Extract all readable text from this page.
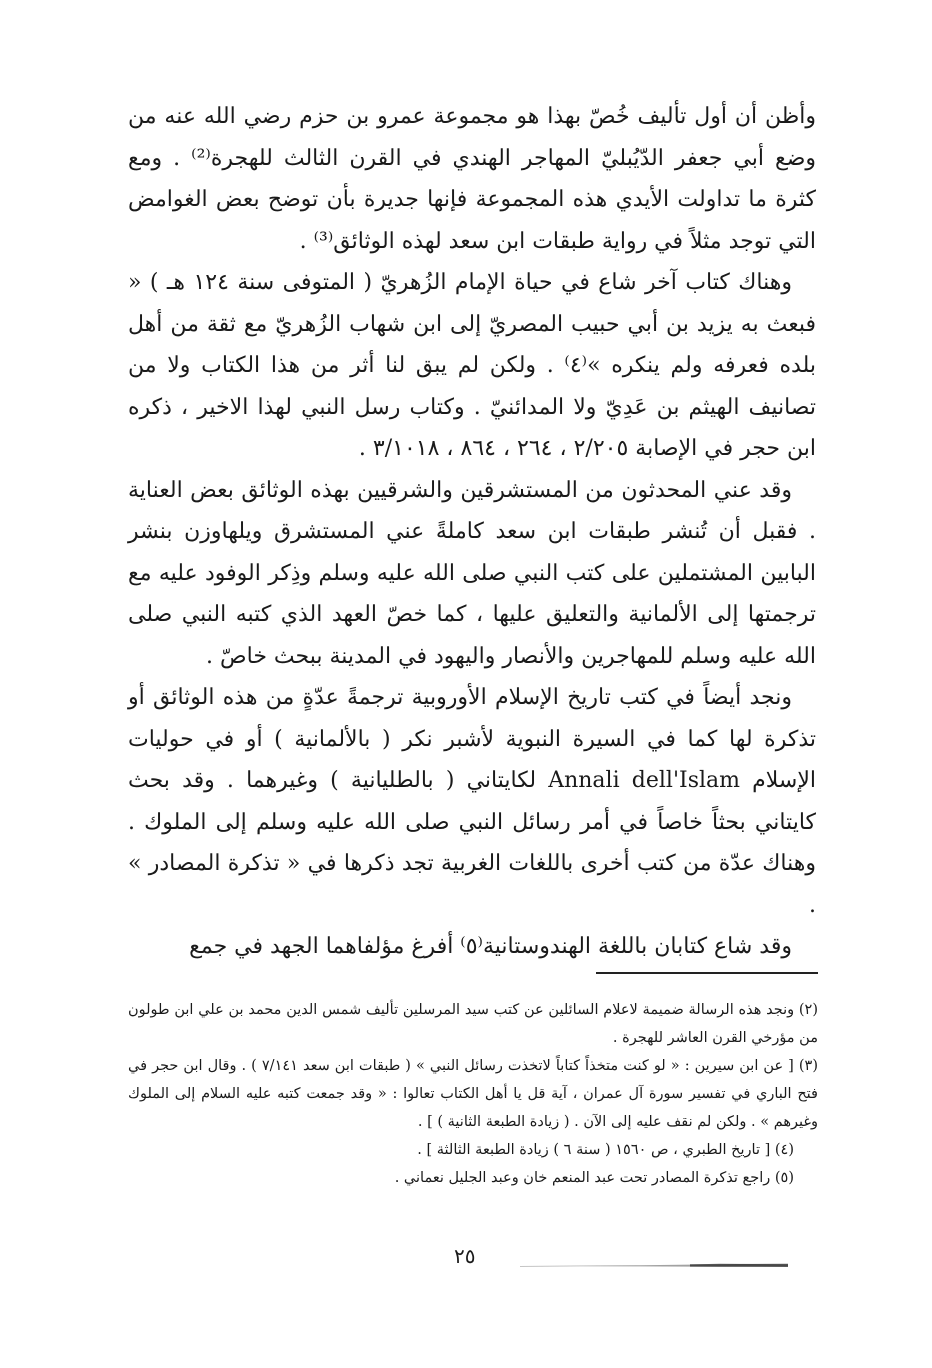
وأظن أن أول تأليف خُصّ بهذا هو مجموعة عمرو بن حزم رضي الله عنه من وضع أبي جعفر الدّيُبليّ المهاجر الهندي في القرن الثالث للهجرة⁽²⁾ . ومع كثرة ما تداولت الأيدي هذه المجموعة فإنها جديرة بأن توضح بعض الغوامض التي توجد مثلاً في رواية طبقات ابن سعد لهذه الوثائق⁽³⁾ .

وهناك كتاب آخر شاع في حياة الإمام الزُهريّ ( المتوفى سنة ١٢٤ هـ ) « فبعث به يزيد بن أبي حبيب المصريّ إلى ابن شهاب الزُهريّ مع ثقة من أهل بلده فعرفه ولم ينكره »⁽٤⁾ . ولكن لم يبق لنا أثر من هذا الكتاب ولا من تصانيف الهيثم بن عَدِيّ ولا المدائنيّ . وكتاب رسل النبي لهذا الاخير ، ذكره ابن حجر في الإصابة ٢/٢٠٥ ، ٢٦٤ ، ٨٦٤ ، ٣/١٠١٨ .

وقد عني المحدثون من المستشرقين والشرقيين بهذه الوثائق بعض العناية . فقبل أن تُنشر طبقات ابن سعد كاملةً عني المستشرق ويلهاوزن بنشر البابين المشتملين على كتب النبي صلى الله عليه وسلم وذِكر الوفود عليه مع ترجمتها إلى الألمانية والتعليق عليها ، كما خصّ العهد الذي كتبه النبي صلى الله عليه وسلم للمهاجرين والأنصار واليهود في المدينة ببحث خاصّ .

ونجد أيضاً في كتب تاريخ الإسلام الأوروبية ترجمةً عدّةٍ من هذه الوثائق أو تذكرة لها كما في السيرة النبوية لأشبر نكر ( بالألمانية ) أو في حوليات الإسلام Annali dell'Islam لكايتاني ( بالطليانية ) وغيرهما . وقد بحث كايتاني بحثاً خاصاً في أمر رسائل النبي صلى الله عليه وسلم إلى الملوك . وهناك عدّة من كتب أخرى باللغات الغربية تجد ذكرها في « تذكرة المصادر » .

وقد شاع كتابان باللغة الهندوستانية⁽٥⁾ أفرغ مؤلفاهما الجهد في جمع

(٢) ونجد هذه الرسالة ضميمة لاعلام السائلين عن كتب سيد المرسلين تأليف شمس الدين محمد بن علي ابن طولون من مؤرخي القرن العاشر للهجرة .

(٣) [ عن ابن سيرين : « لو كنت متخذاً كتاباً لاتخذت رسائل النبي » ( طبقات ابن سعد ٧/١٤١ ) . وقال ابن حجر في فتح الباري في تفسير سورة آل عمران ، آية قل يا أهل الكتاب تعالوا : « وقد جمعت كتبه عليه السلام إلى الملوك وغيرهم » . ولكن لم نقف عليه إلى الآن . ( زيادة الطبعة الثانية ) ] .

(٤) [ تاريخ الطبري ، ص ١٥٦٠ ( سنة ٦ ) زيادة الطبعة الثالثة ] .

(٥) راجع تذكرة المصادر تحت عبد المنعم خان وعبد الجليل نعماني .

٢٥
